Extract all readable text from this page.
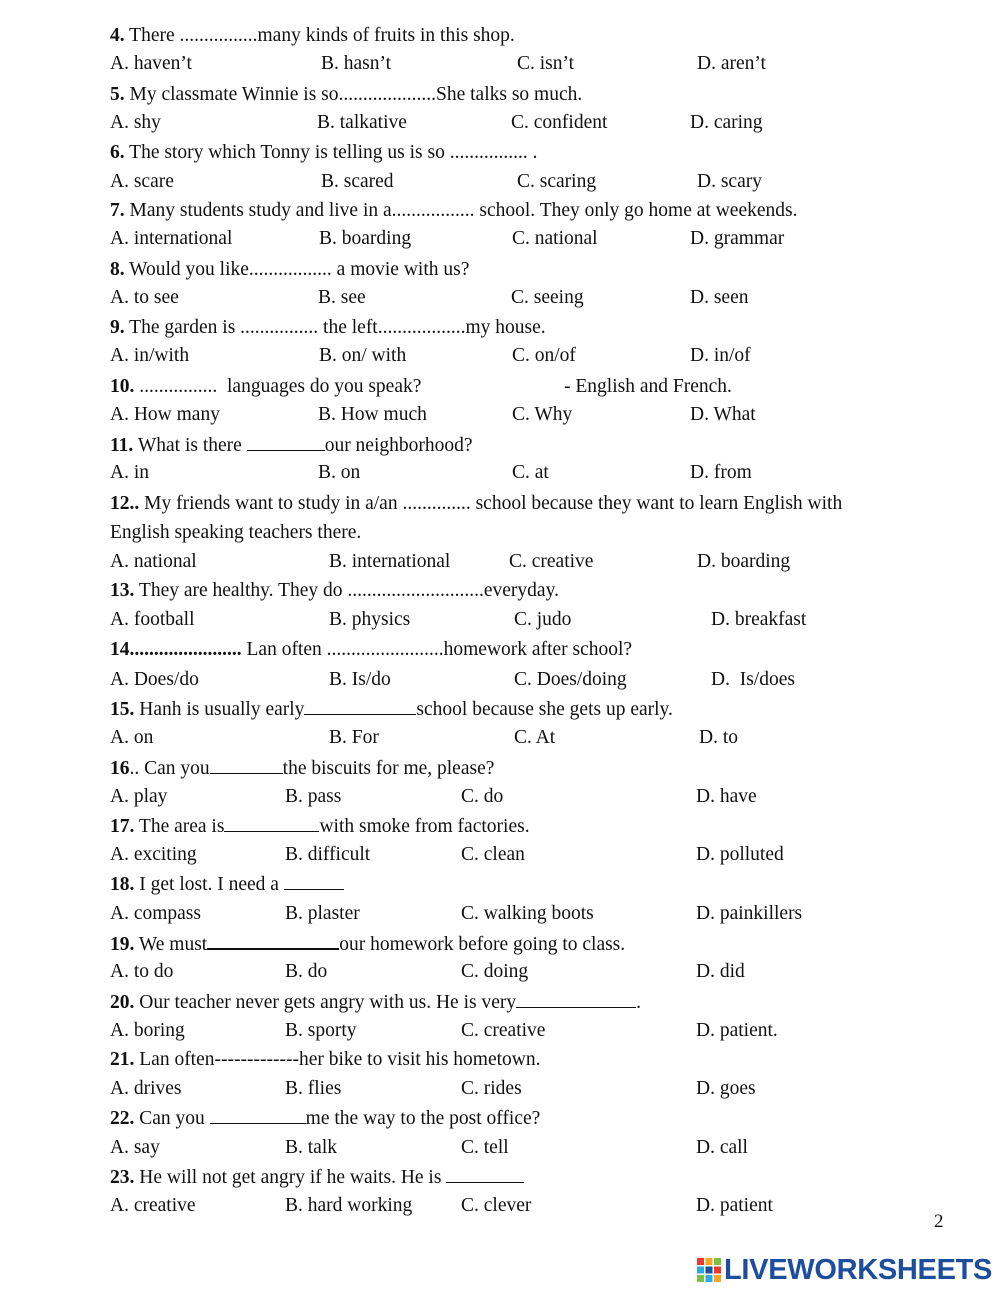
4. There ................many kinds of fruits in this shop.
A. haven’t	B. hasn’t	C. isn’t	D. aren’t
5. My classmate Winnie is so....................She talks so much.
A. shy	B. talkative	C. confident	D. caring
6. The story which Tonny is telling us is so ................ .
A. scare	B. scared	C. scaring	D. scary
7. Many students study and live in a................. school. They only go home at weekends.
A. international	B. boarding	C. national	D. grammar
8. Would you like................. a movie with us?
A. to see	B. see	C. seeing	D. seen
9. The garden is ................ the left..................my house.
A. in/with	B. on/ with	C. on/of	D. in/of
10. ................  languages do you speak?	- English and French.
A. How many	B. How much	C. Why	D. What
11. What is there	our neighborhood?
A. in	B. on	C. at	D. from
12.. My friends want to study in a/an .............. school because they want to learn English with
English speaking teachers there.
A. national	B. international	C. creative	D. boarding
13. They are healthy. They do ............................everyday.
A. football	B. physics	C. judo	D. breakfast
14....................... Lan often ........................homework after school?
A. Does/do	B. Is/do	C. Does/doing	D.  Is/does
15. Hanh is usually early	school because she gets up early.
A. on	B. For	C. At	D. to
16.. Can you	the biscuits for me, please?
A. play	B. pass	C. do	D. have
17. The area is	with smoke from factories.
A. exciting	B. difficult	C. clean	D. polluted
18. I get lost. I need a
A. compass	B. plaster	C. walking boots	D. painkillers
19. We must	our homework before going to class.
A. to do	B. do	C. doing	D. did
20. Our teacher never gets angry with us. He is very	.
A. boring	B. sporty	C. creative	D. patient.
21. Lan often-------------her bike to visit his hometown.
A. drives	B. flies	C. rides	D. goes
22. Can you	me the way to the post office?
A. say	B. talk	C. tell	D. call
23. He will not get angry if he waits. He is
A. creative	B. hard working C. clever	D. patient
2
LIVEWORKSHEETS
